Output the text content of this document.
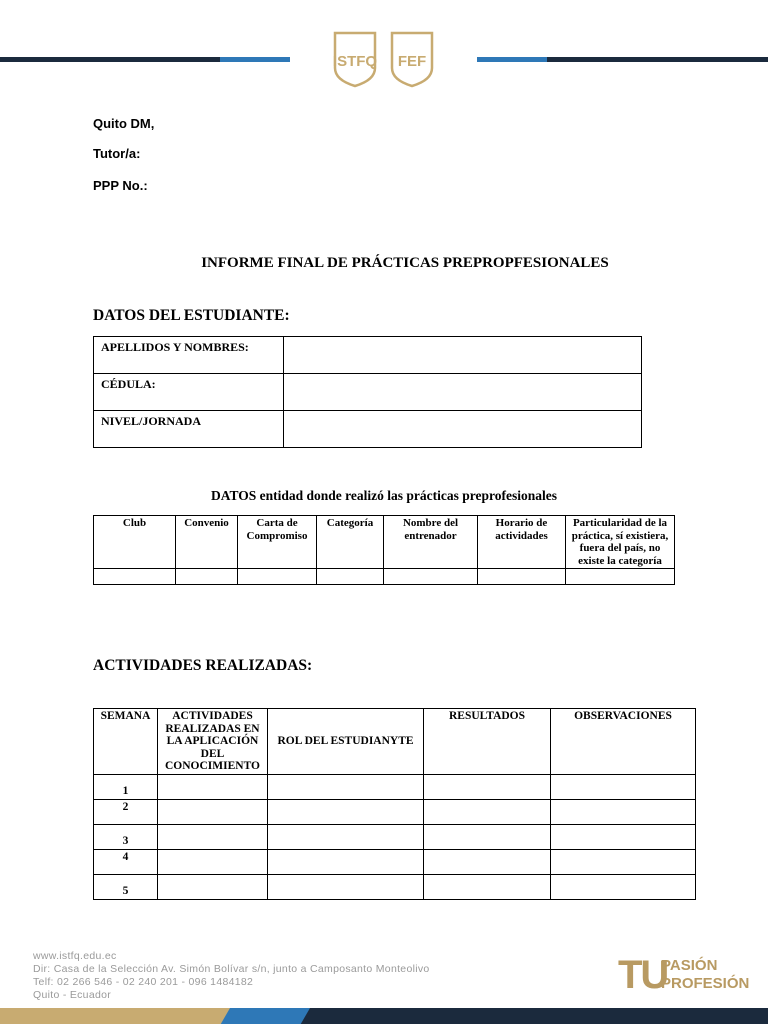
ISTFQ FEF
Quito DM,
Tutor/a:
PPP No.:
INFORME FINAL DE PRÁCTICAS PREPROPFESIONALES
DATOS DEL ESTUDIANTE:
APELLIDOS Y NOMBRES:	
CÉDULA:	
NIVEL/JORNADA	
DATOS entidad donde realizó las prácticas preprofesionales
Club	Convenio	Carta de Compromiso	Categoría	Nombre del entrenador	Horario de actividades	Particularidad de la práctica, sí existiera, fuera del país, no existe la categoría

ACTIVIDADES REALIZADAS:
SEMANA	ACTIVIDADES REALIZADAS EN LA APLICACIÓN DEL CONOCIMIENTO	ROL DEL ESTUDIANYTE	RESULTADOS	OBSERVACIONES
1				
2				
3				
4				
5				
www.istfq.edu.ec
Dir: Casa de la Selección Av. Simón Bolívar s/n, junto a Camposanto Monteolivo
Telf: 02 266 546 - 02 240 201 - 096 1484182
Quito - Ecuador	TU
PASIÓN
PROFESIÓN
